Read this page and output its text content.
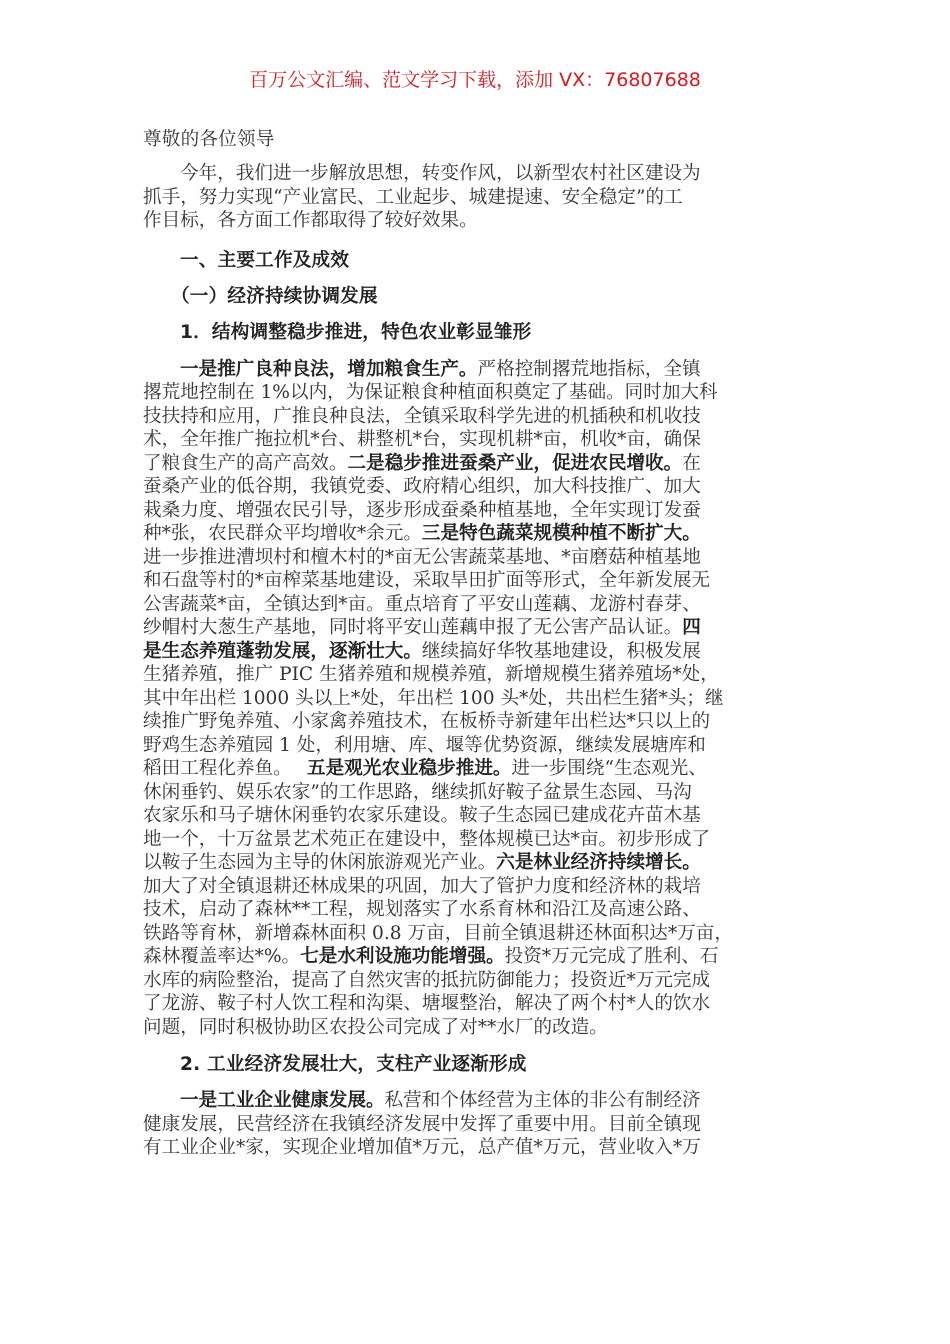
百万公文汇编、范文学习下载，添加 VX：76807688
尊敬的各位领导
今年，我们进一步解放思想，转变作风，以新型农村社区建设为
抓手，努力实现“产业富民、工业起步、城建提速、安全稳定”的工
作目标，各方面工作都取得了较好效果。
一、主要工作及成效
（一）经济持续协调发展
1．结构调整稳步推进，特色农业彰显雏形
一是推广良种良法，增加粮食生产。严格控制撂荒地指标，全镇
撂荒地控制在 1%以内，为保证粮食种植面积奠定了基础。同时加大科
技扶持和应用，广推良种良法，全镇采取科学先进的机插秧和机收技
术，全年推广拖拉机*台、耕整机*台，实现机耕*亩，机收*亩，确保
了粮食生产的高产高效。二是稳步推进蚕桑产业，促进农民增收。在
蚕桑产业的低谷期，我镇党委、政府精心组织，加大科技推广、加大
栽桑力度、增强农民引导，逐步形成蚕桑种植基地，全年实现订发蚕
种*张，农民群众平均增收*余元。三是特色蔬菜规模种植不断扩大。
进一步推进漕坝村和檀木村的*亩无公害蔬菜基地、*亩磨菇种植基地
和石盘等村的*亩榨菜基地建设，采取旱田扩面等形式，全年新发展无
公害蔬菜*亩，全镇达到*亩。重点培育了平安山莲藕、龙游村春芽、
纱帽村大葱生产基地，同时将平安山莲藕申报了无公害产品认证。四
是生态养殖蓬勃发展，逐渐壮大。继续搞好华牧基地建设，积极发展
生猪养殖，推广 PIC 生猪养殖和规模养殖，新增规模生猪养殖场*处，
其中年出栏 1000 头以上*处，年出栏 100 头*处，共出栏生猪*头；继
续推广野兔养殖、小家禽养殖技术，在板桥寺新建年出栏达*只以上的
野鸡生态养殖园 1 处，利用塘、库、堰等优势资源，继续发展塘库和
稻田工程化养鱼。　 五是观光农业稳步推进。进一步围绕“生态观光、
休闲垂钓、娱乐农家”的工作思路，继续抓好鞍子盆景生态园、马沟
农家乐和马子塘休闲垂钓农家乐建设。鞍子生态园已建成花卉苗木基
地一个，十万盆景艺术苑正在建设中，整体规模已达*亩。初步形成了
以鞍子生态园为主导的休闲旅游观光产业。六是林业经济持续增长。
加大了对全镇退耕还林成果的巩固，加大了管护力度和经济林的栽培
技术，启动了森林**工程，规划落实了水系育林和沿江及高速公路、
铁路等育林，新增森林面积 0.8 万亩，目前全镇退耕还林面积达*万亩，
森林覆盖率达*%。七是水利设施功能增强。投资*万元完成了胜利、石
水库的病险整治，提高了自然灾害的抵抗防御能力；投资近*万元完成
了龙游、鞍子村人饮工程和沟渠、塘堰整治，解决了两个村*人的饮水
问题，同时积极协助区农投公司完成了对**水厂的改造。
2. 工业经济发展壮大，支柱产业逐渐形成
一是工业企业健康发展。私营和个体经营为主体的非公有制经济
健康发展，民营经济在我镇经济发展中发挥了重要中用。目前全镇现
有工业企业*家，实现企业增加值*万元，总产值*万元，营业收入*万
